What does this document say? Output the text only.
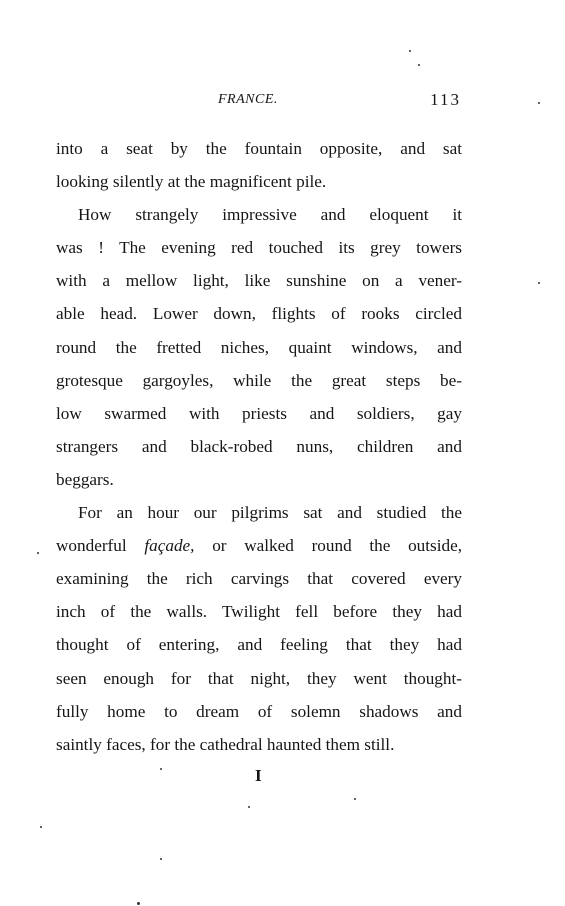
FRANCE.	113
into a seat by the fountain opposite, and sat
looking silently at the magnificent pile.
How strangely impressive and eloquent it
was ! The evening red touched its grey towers
with a mellow light, like sunshine on a vener-
able head. Lower down, flights of rooks circled
round the fretted niches, quaint windows, and
grotesque gargoyles, while the great steps be-
low swarmed with priests and soldiers, gay
strangers and black-robed nuns, children and
beggars.
For an hour our pilgrims sat and studied the
wonderful façade, or walked round the outside,
examining the rich carvings that covered every
inch of the walls. Twilight fell before they had
thought of entering, and feeling that they had
seen enough for that night, they went thought-
fully home to dream of solemn shadows and
saintly faces, for the cathedral haunted them still.
I
